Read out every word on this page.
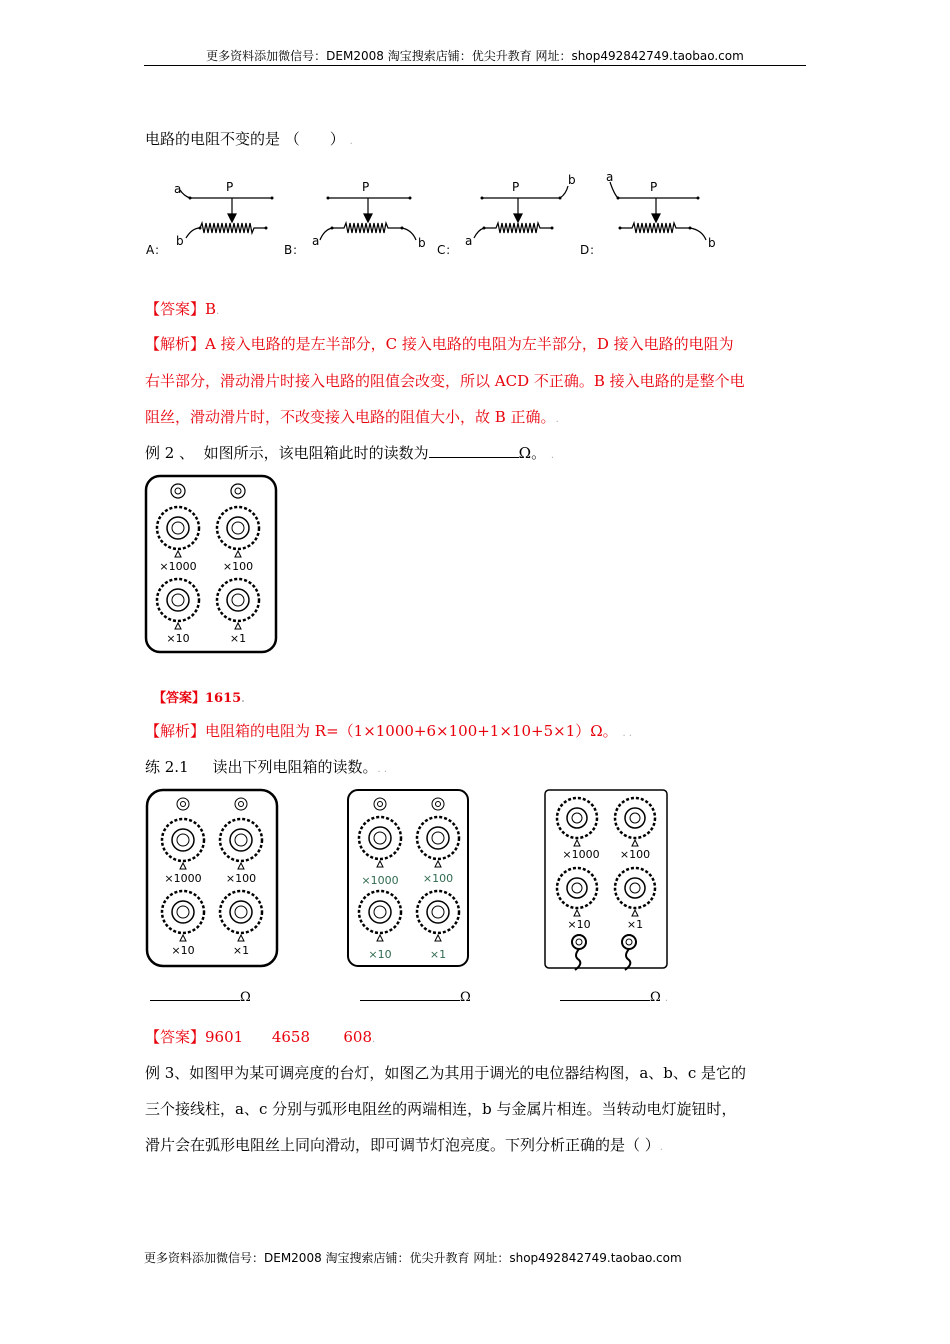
更多资料添加微信号：DEM2008 淘宝搜索店铺：优尖升教育 网址：shop492842749.taobao.com
电路的电阻不变的是 （　　） .
P	P	P	P
a
b	a	b	a
b	a
b
A：	B：	C：	D：
【答案】B.
【解析】A 接入电路的是左半部分，C 接入电路的电阻为左半部分，D 接入电路的电阻为
右半部分，滑动滑片时接入电路的阻值会改变，所以 ACD 不正确。B 接入电路的是整个电
阻丝，滑动滑片时，不改变接入电路的阻值大小，故 B 正确。.
例 2 、 如图所示，该电阻箱此时的读数为	Ω。 .
×1000 ×100
×10	×1
【答案】1615.
【解析】电阻箱的电阻为 R=（1×1000+6×100+1×10+5×1）Ω。 . .
练 2.1 读出下列电阻箱的读数。. .
×1000 ×100
×10	×1
×1000 ×100
×10	×1
×1000 ×100
×10	×1
Ω	Ω	Ω .
【答案】9601 4658 608.
例 3、如图甲为某可调亮度的台灯，如图乙为其用于调光的电位器结构图，a、b、c 是它的
三个接线柱，a、c 分别与弧形电阻丝的两端相连，b 与金属片相连。当转动电灯旋钮时，
滑片会在弧形电阻丝上同向滑动，即可调节灯泡亮度。下列分析正确的是（ ）.
更多资料添加微信号：DEM2008 淘宝搜索店铺：优尖升教育 网址：shop492842749.taobao.com
